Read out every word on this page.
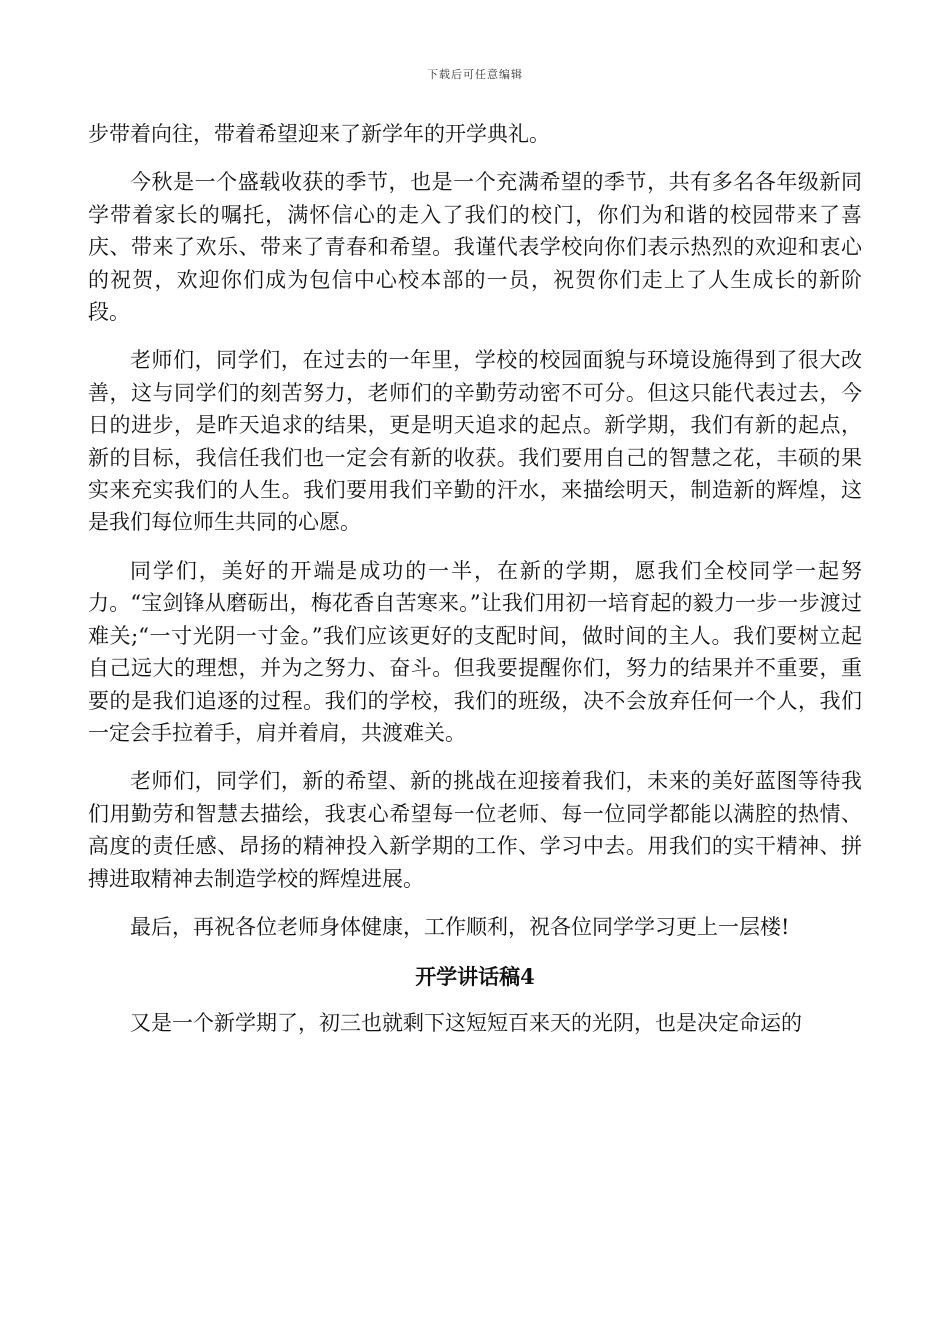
下载后可任意编辑

步带着向往，带着希望迎来了新学年的开学典礼。

今秋是一个盛载收获的季节，也是一个充满希望的季节，共有多名各年级新同学带着家长的嘱托，满怀信心的走入了我们的校门，你们为和谐的校园带来了喜庆、带来了欢乐、带来了青春和希望。我谨代表学校向你们表示热烈的欢迎和衷心的祝贺，欢迎你们成为包信中心校本部的一员，祝贺你们走上了人生成长的新阶段。

老师们，同学们，在过去的一年里，学校的校园面貌与环境设施得到了很大改善，这与同学们的刻苦努力，老师们的辛勤劳动密不可分。但这只能代表过去，今日的进步，是昨天追求的结果，更是明天追求的起点。新学期，我们有新的起点，新的目标，我信任我们也一定会有新的收获。我们要用自己的智慧之花，丰硕的果实来充实我们的人生。我们要用我们辛勤的汗水，来描绘明天，制造新的辉煌，这是我们每位师生共同的心愿。

同学们，美好的开端是成功的一半，在新的学期，愿我们全校同学一起努力。“宝剑锋从磨砺出，梅花香自苦寒来。”让我们用初一培育起的毅力一步一步渡过难关;“一寸光阴一寸金。”我们应该更好的支配时间，做时间的主人。我们要树立起自己远大的理想，并为之努力、奋斗。但我要提醒你们，努力的结果并不重要，重要的是我们追逐的过程。我们的学校，我们的班级，决不会放弃任何一个人，我们一定会手拉着手，肩并着肩，共渡难关。

老师们，同学们，新的希望、新的挑战在迎接着我们，未来的美好蓝图等待我们用勤劳和智慧去描绘，我衷心希望每一位老师、每一位同学都能以满腔的热情、高度的责任感、昂扬的精神投入新学期的工作、学习中去。用我们的实干精神、拼搏进取精神去制造学校的辉煌进展。

最后，再祝各位老师身体健康，工作顺利，祝各位同学学习更上一层楼!

开学讲话稿4

又是一个新学期了，初三也就剩下这短短百来天的光阴，也是决定命运的
